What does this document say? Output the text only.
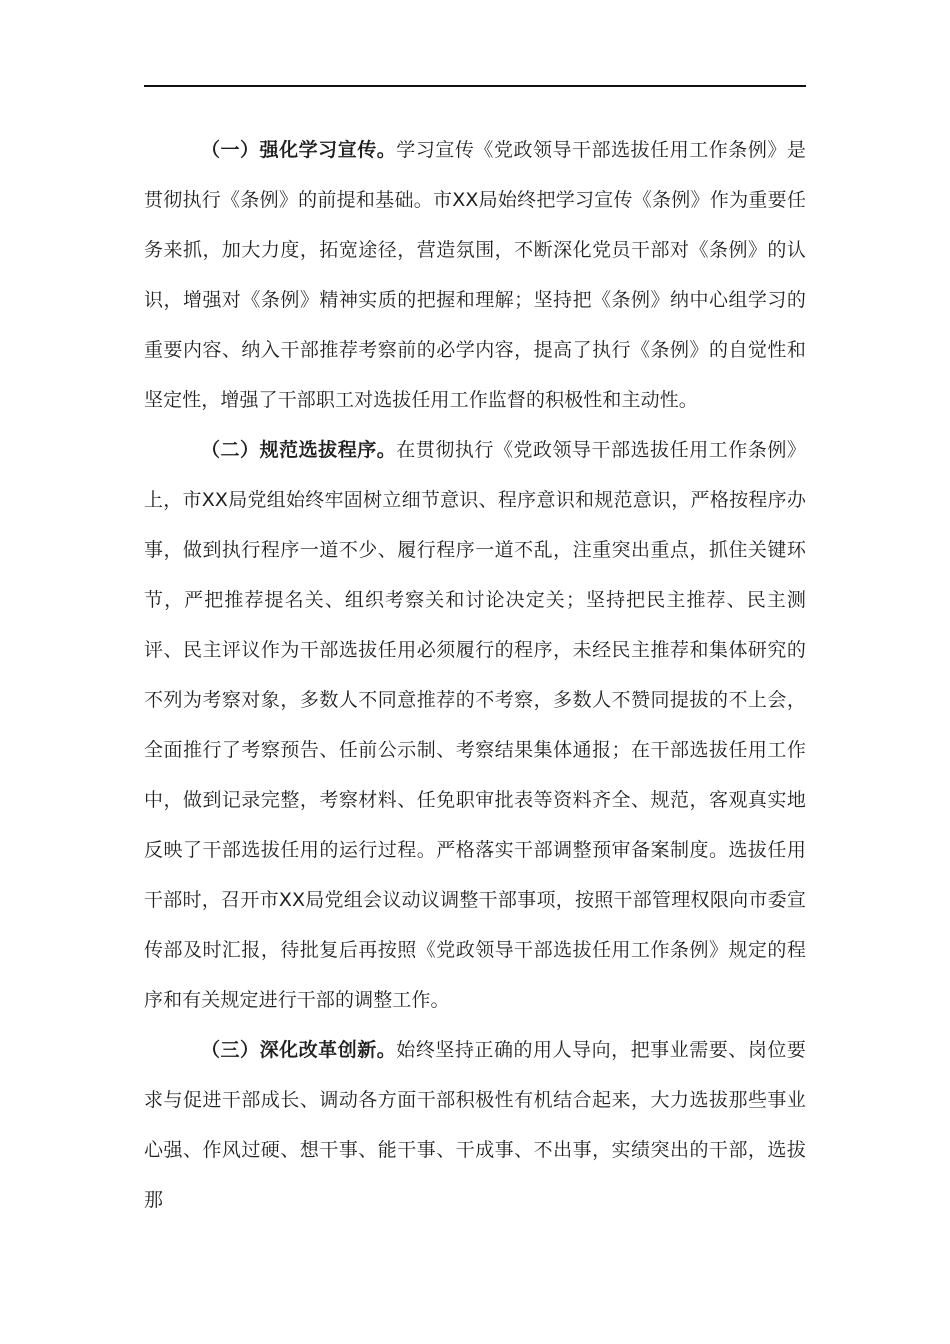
（一）强化学习宣传。学习宣传《党政领导干部选拔任用工作条例》是贯彻执行《条例》的前提和基础。市XX局始终把学习宣传《条例》作为重要任务来抓，加大力度，拓宽途径，营造氛围，不断深化党员干部对《条例》的认识，增强对《条例》精神实质的把握和理解；坚持把《条例》纳中心组学习的重要内容、纳入干部推荐考察前的必学内容，提高了执行《条例》的自觉性和坚定性，增强了干部职工对选拔任用工作监督的积极性和主动性。

（二）规范选拔程序。在贯彻执行《党政领导干部选拔任用工作条例》上，市XX局党组始终牢固树立细节意识、程序意识和规范意识，严格按程序办事，做到执行程序一道不少、履行程序一道不乱，注重突出重点，抓住关键环节，严把推荐提名关、组织考察关和讨论决定关；坚持把民主推荐、民主测评、民主评议作为干部选拔任用必须履行的程序，未经民主推荐和集体研究的不列为考察对象，多数人不同意推荐的不考察，多数人不赞同提拔的不上会，全面推行了考察预告、任前公示制、考察结果集体通报；在干部选拔任用工作中，做到记录完整，考察材料、任免职审批表等资料齐全、规范，客观真实地反映了干部选拔任用的运行过程。严格落实干部调整预审备案制度。选拔任用干部时，召开市XX局党组会议动议调整干部事项，按照干部管理权限向市委宣传部及时汇报，待批复后再按照《党政领导干部选拔任用工作条例》规定的程序和有关规定进行干部的调整工作。

（三）深化改革创新。始终坚持正确的用人导向，把事业需要、岗位要求与促进干部成长、调动各方面干部积极性有机结合起来，大力选拔那些事业心强、作风过硬、想干事、能干事、干成事、不出事，实绩突出的干部，选拔那
